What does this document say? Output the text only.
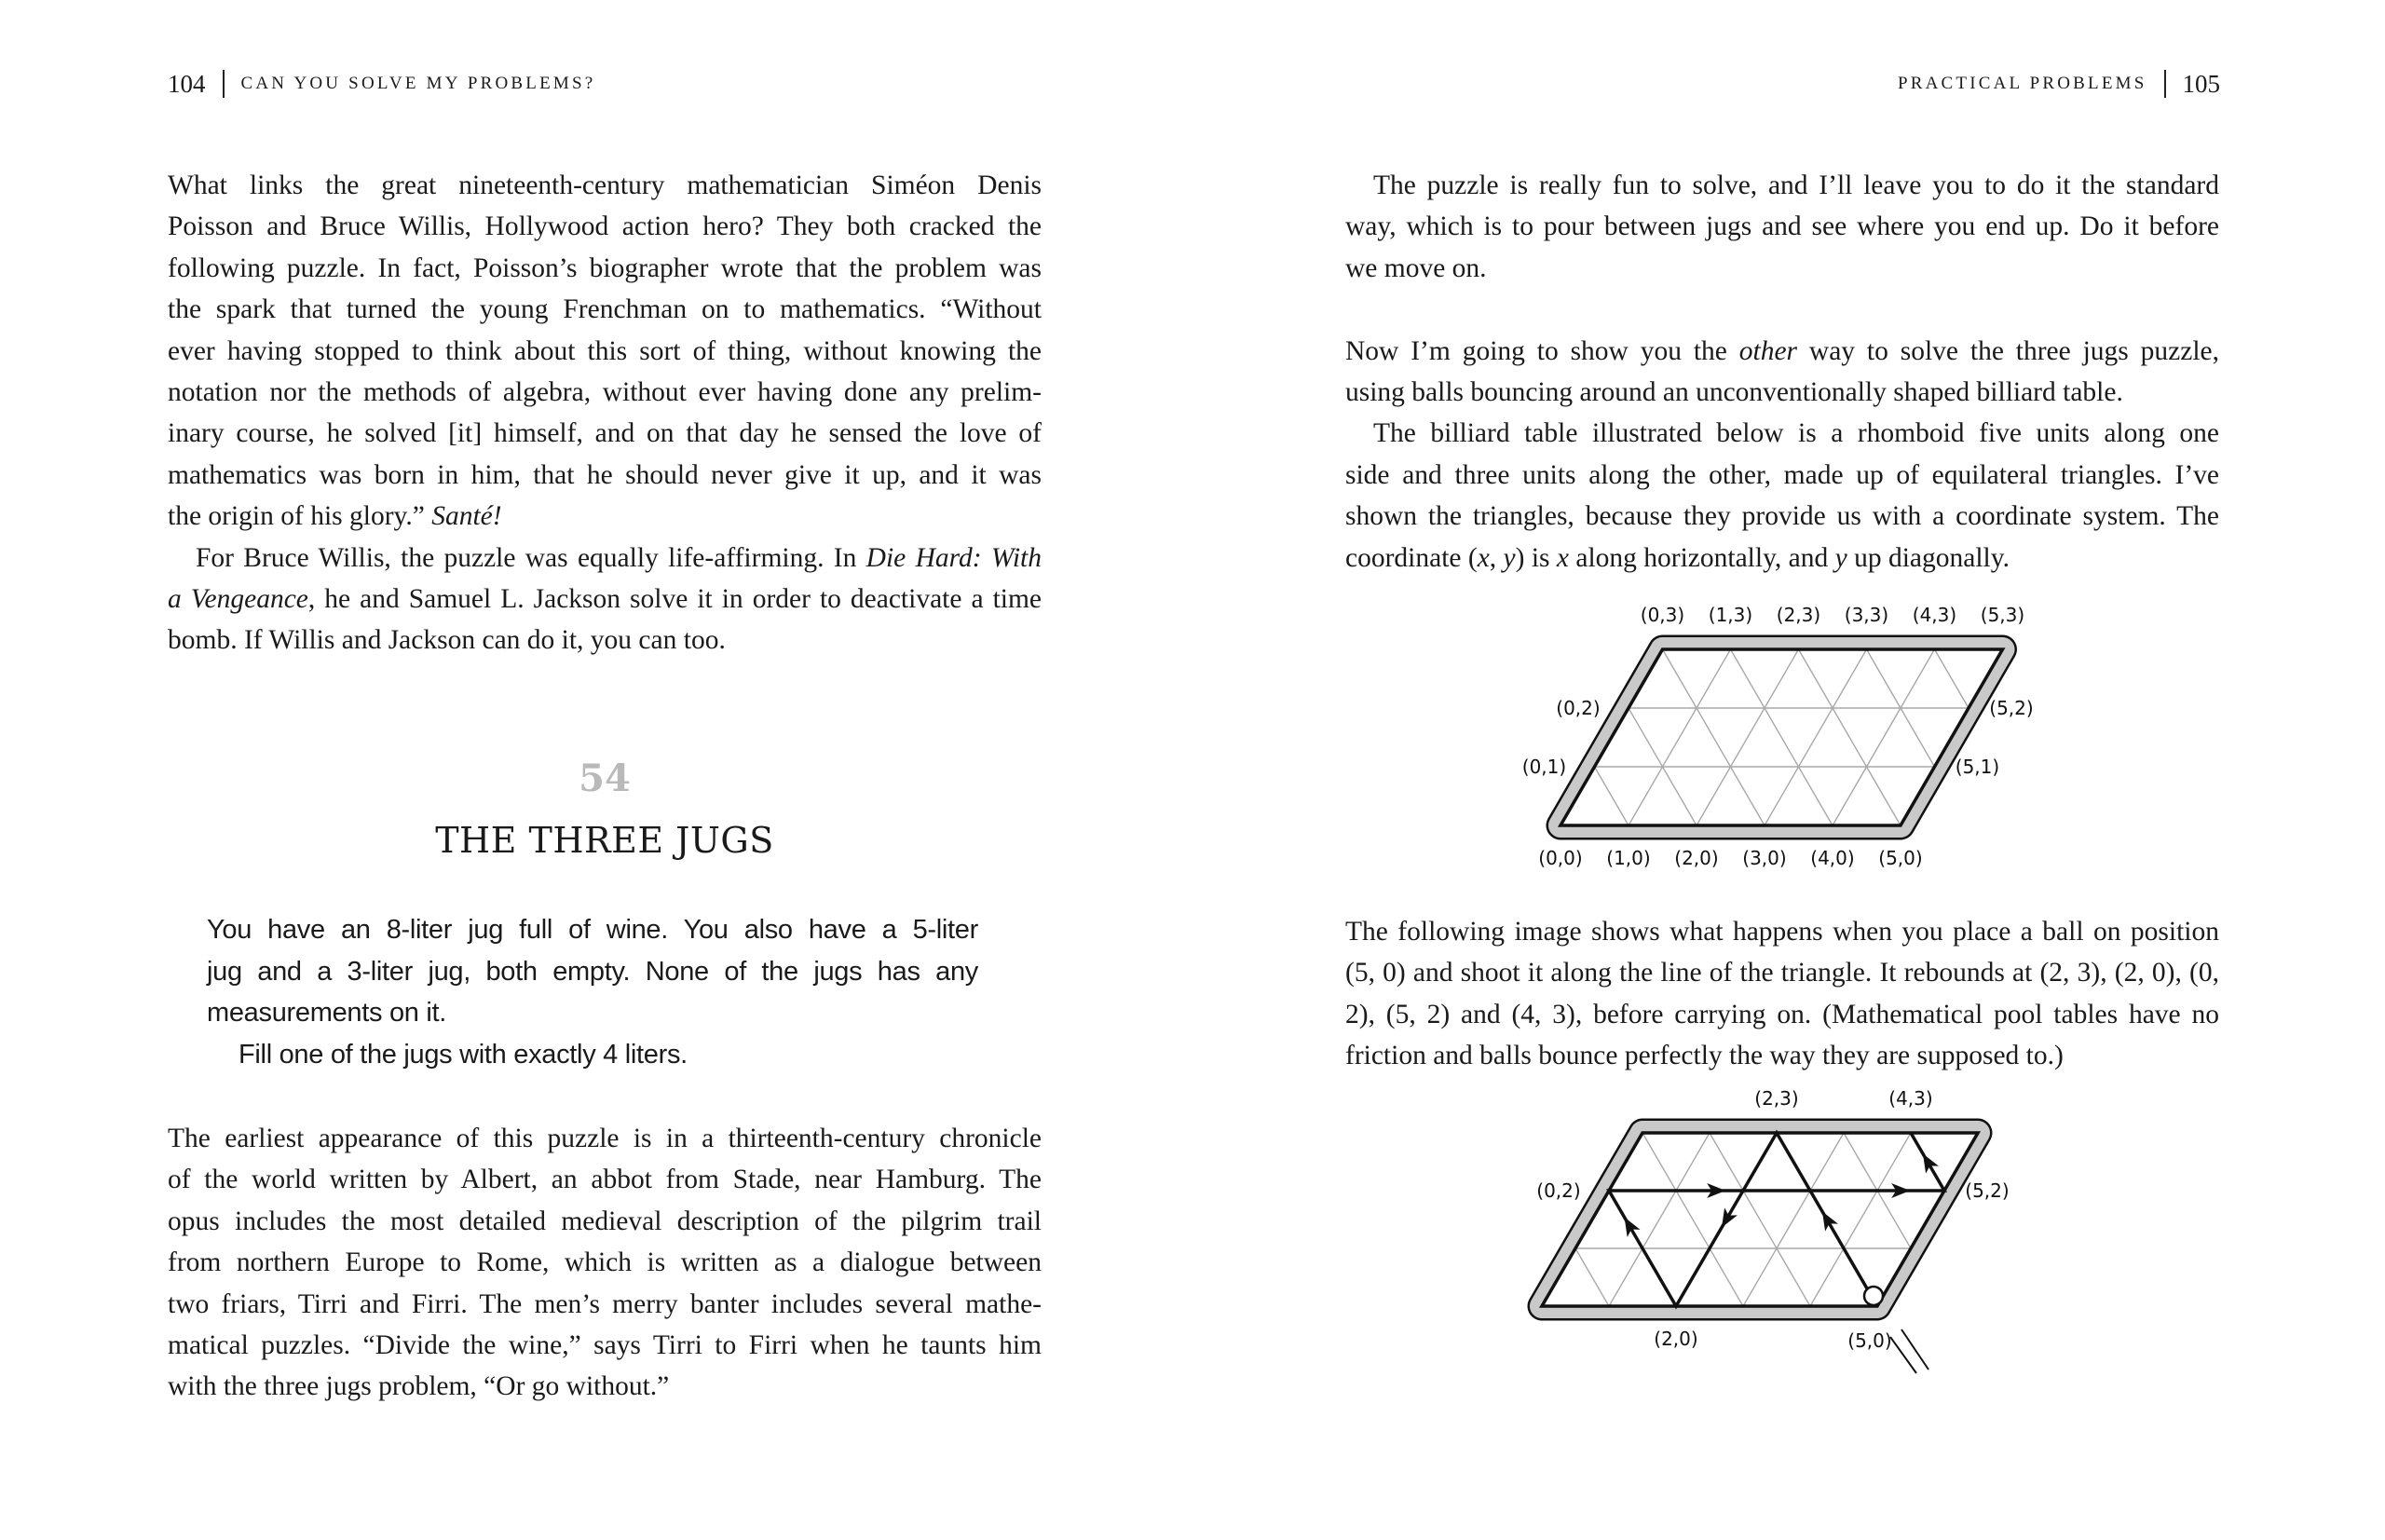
104 CAN YOU SOLVE MY PROBLEMS?	PRACTICAL PROBLEMS 105
What links the great nineteenth-century mathematician Siméon Denis
Poisson and Bruce Willis, Hollywood action hero? They both cracked the
following puzzle. In fact, Poisson’s biographer wrote that the problem was
the spark that turned the young Frenchman on to mathematics. “Without
ever having stopped to think about this sort of thing, without knowing the
notation nor the methods of algebra, without ever having done any prelim-
inary course, he solved [it] himself, and on that day he sensed the love of
mathematics was born in him, that he should never give it up, and it was
the origin of his glory.” Santé!
For Bruce Willis, the puzzle was equally life-affirming. In Die Hard: With
a Vengeance, he and Samuel L. Jackson solve it in order to deactivate a time
bomb. If Willis and Jackson can do it, you can too.
54
THE THREE JUGS
You have an 8-liter jug full of wine. You also have a 5-liter
jug and a 3-liter jug, both empty. None of the jugs has any
measurements on it.
Fill one of the jugs with exactly 4 liters.
The earliest appearance of this puzzle is in a thirteenth-century chronicle
of the world written by Albert, an abbot from Stade, near Hamburg. The
opus includes the most detailed medieval description of the pilgrim trail
from northern Europe to Rome, which is written as a dialogue between
two friars, Tirri and Firri. The men’s merry banter includes several mathe-
matical puzzles. “Divide the wine,” says Tirri to Firri when he taunts him
with the three jugs problem, “Or go without.”
The puzzle is really fun to solve, and I’ll leave you to do it the standard
way, which is to pour between jugs and see where you end up. Do it before
we move on.
Now I’m going to show you the other way to solve the three jugs puzzle,
using balls bouncing around an unconventionally shaped billiard table.
The billiard table illustrated below is a rhomboid five units along one
side and three units along the other, made up of equilateral triangles. I’ve
shown the triangles, because they provide us with a coordinate system. The
coordinate (x, y) is x along horizontally, and y up diagonally.
The following image shows what happens when you place a ball on position
(5, 0) and shoot it along the line of the triangle. It rebounds at (2, 3), (2, 0), (0,
2), (5, 2) and (4, 3), before carrying on. (Mathematical pool tables have no
friction and balls bounce perfectly the way they are supposed to.)
(0,3) (1,3) (2,3) (3,3) (4,3) (5,3)
(0,2)
(0,1)
(5,2)
(5,1)
(0,0) (1,0) (2,0) (3,0) (4,0) (5,0)
(2,3)	(4,3)
(0,2)	(5,2)
(2,0)	(5,0)
